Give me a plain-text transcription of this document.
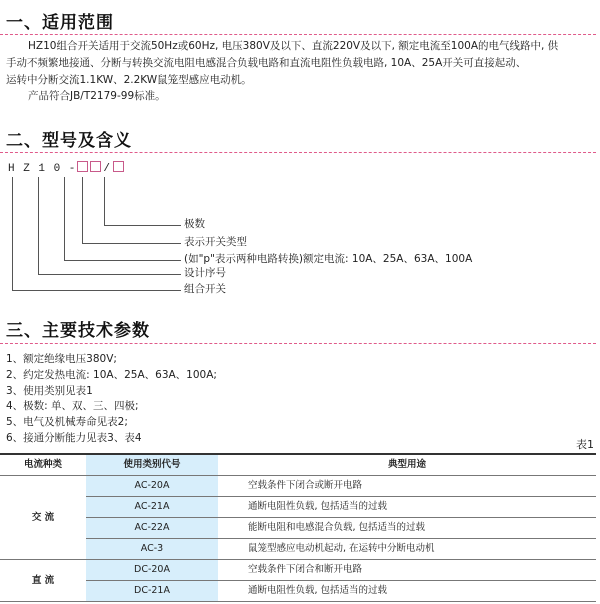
一、适用范围
HZ10组合开关适用于交流50Hz或60Hz, 电压380V及以下、直流220V及以下, 额定电流至100A的电气线路中, 供
手动不频繁地接通、分断与转换交流电阻电感混合负载电路和直流电阻性负载电路, 10A、25A开关可直接起动、
运转中分断交流1.1KW、2.2KW鼠笼型感应电动机。
产品符合JB/T2179-99标准。
二、型号及含义
H Z 1 0 - /
极数
表示开关类型
(如"p"表示两种电路转换)额定电流: 10A、25A、63A、100A
设计序号
组合开关
三、主要技术参数
1、额定绝缘电压380V;
2、约定发热电流: 10A、25A、63A、100A;
3、使用类别见表1
4、极数: 单、双、三、四极;
5、电气及机械寿命见表2;
6、接通分断能力见表3、表4
表1
电流种类	使用类别代号	典型用途
交 流	AC-20A	空载条件下闭合或断开电路
	AC-21A	通断电阻性负载, 包括适当的过载
	AC-22A	能断电阻和电感混合负载, 包括适当的过载
	AC-3	鼠笼型感应电动机起动, 在运转中分断电动机
直 流	DC-20A	空载条件下闭合和断开电路
	DC-21A	通断电阻性负载, 包括适当的过载
